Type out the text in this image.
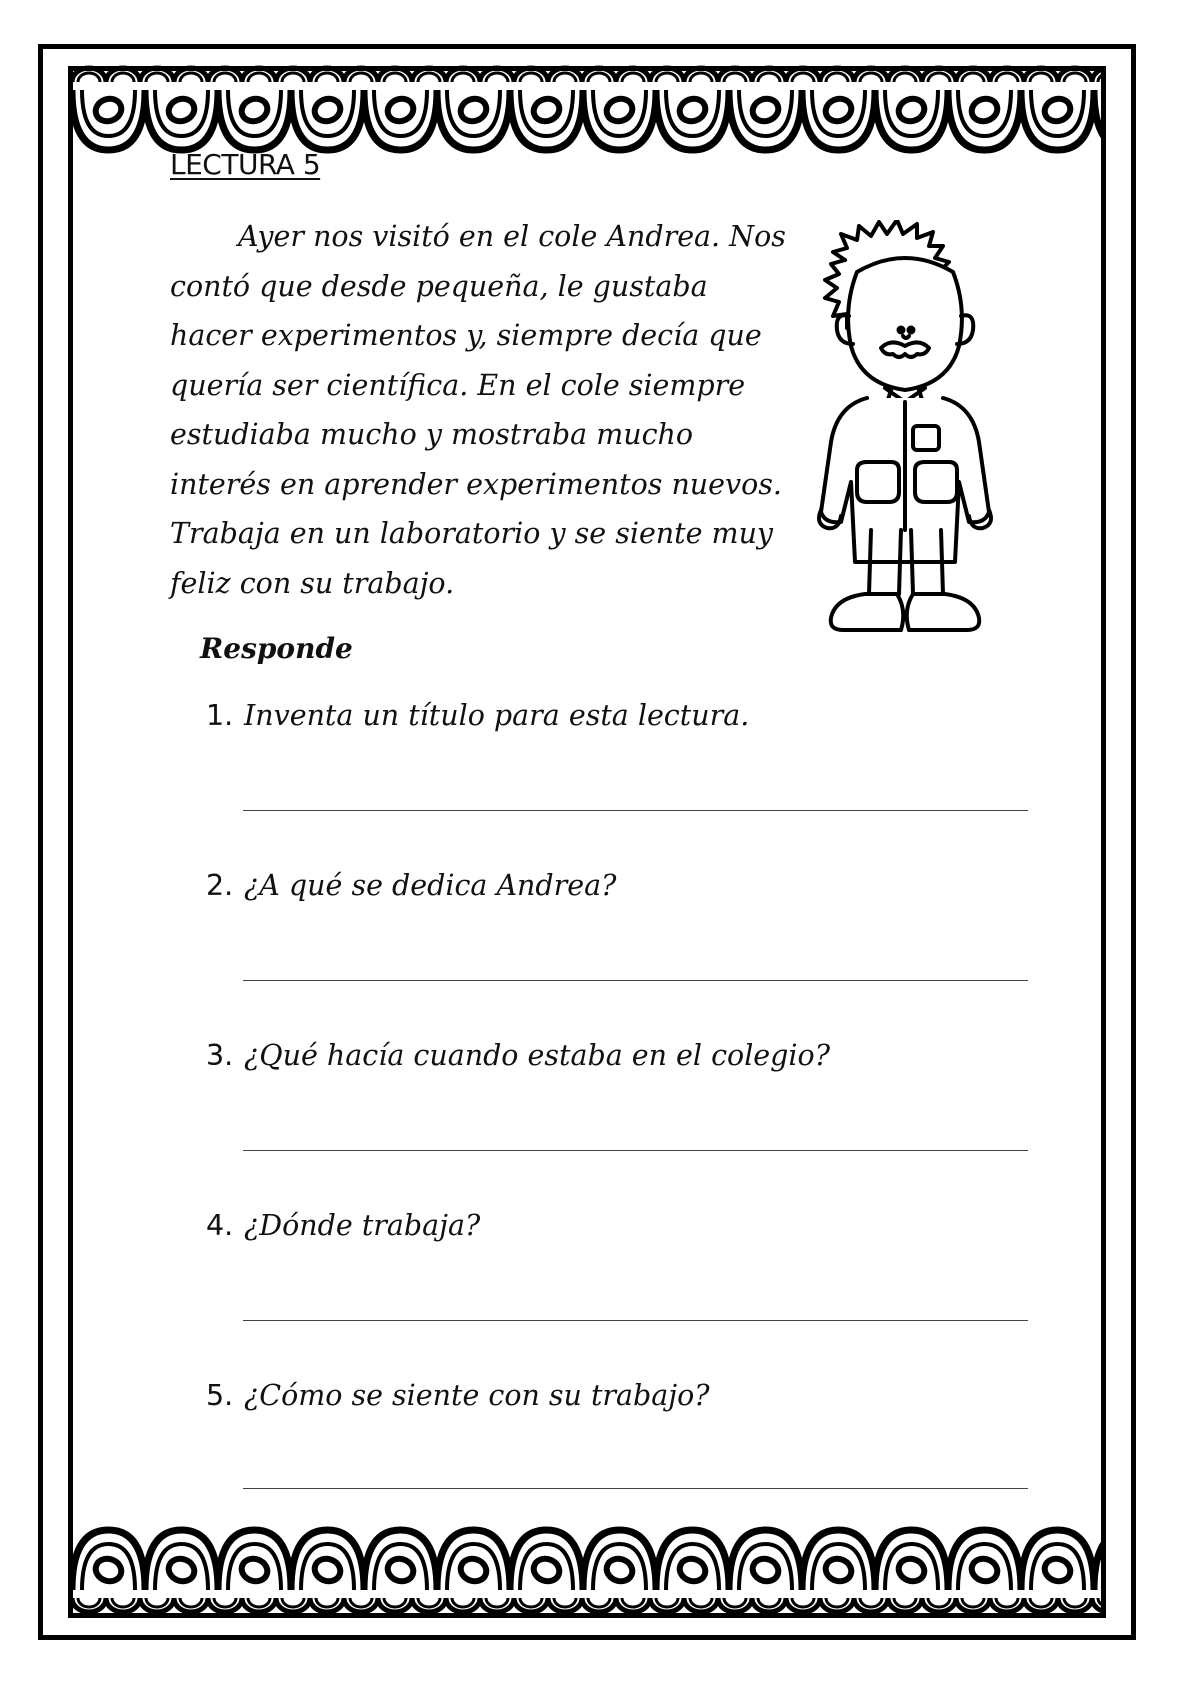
LECTURA 5

Ayer nos visitó en el cole Andrea. Nos contó que desde pequeña, le gustaba hacer experimentos y, siempre decía que quería ser científica. En el cole siempre estudiaba mucho y mostraba mucho interés en aprender experimentos nuevos. Trabaja en un laboratorio y se siente muy feliz con su trabajo.

Responde

1. Inventa un título para esta lectura.

2. ¿A qué se dedica Andrea?

3. ¿Qué hacía cuando estaba en el colegio?

4. ¿Dónde trabaja?

5. ¿Cómo se siente con su trabajo?
